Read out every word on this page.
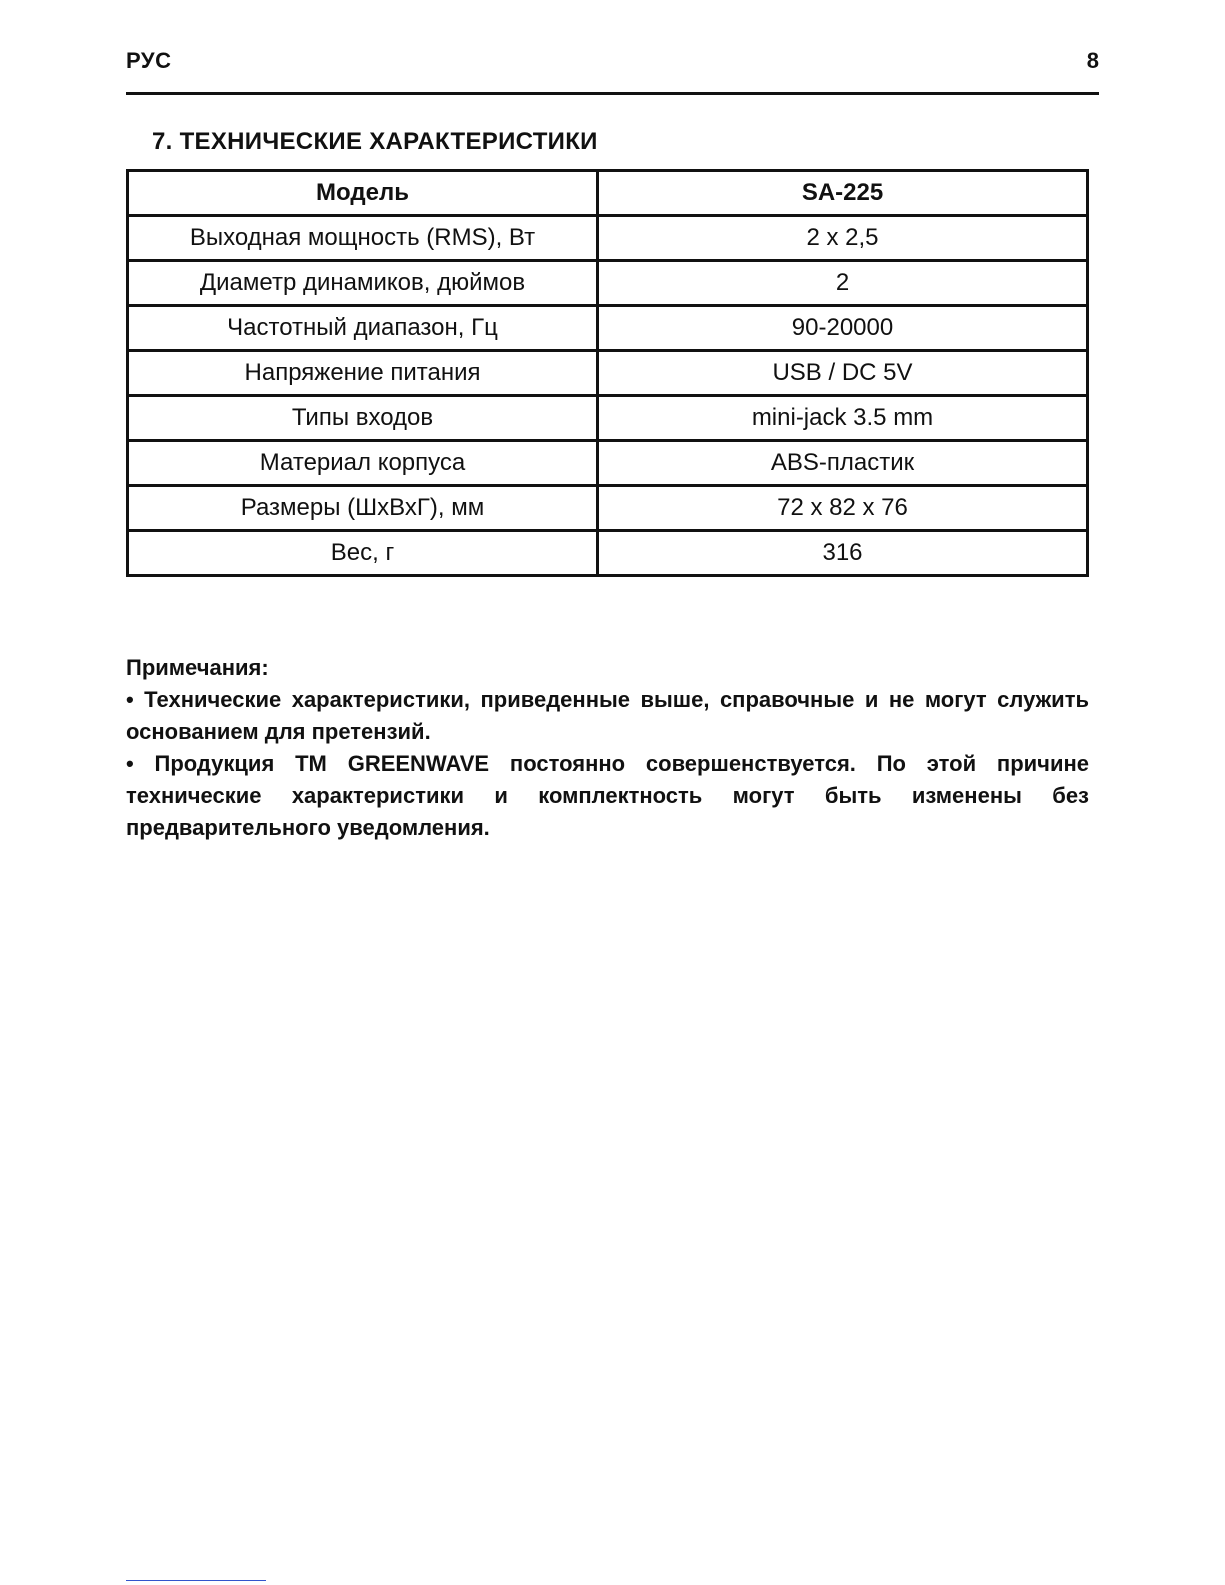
РУС	8
7. ТЕХНИЧЕСКИЕ ХАРАКТЕРИСТИКИ
Модель	SA-225
Выходная мощность (RMS), Вт	2 x 2,5
Диаметр динамиков, дюймов	2
Частотный диапазон, Гц	90-20000
Напряжение питания	USB / DC 5V
Типы входов	mini-jack 3.5 mm
Материал корпуса	ABS-пластик
Размеры (ШхВхГ), мм	72 x 82 x 76
Вес, г	316

Примечания:

• Технические характеристики, приведенные выше, справочные и не могут служить основанием для претензий.

• Продукция TM GREENWAVE постоянно совершенствуется. По этой причине технические характеристики и комплектность могут быть изменены без предварительного уведомления.
